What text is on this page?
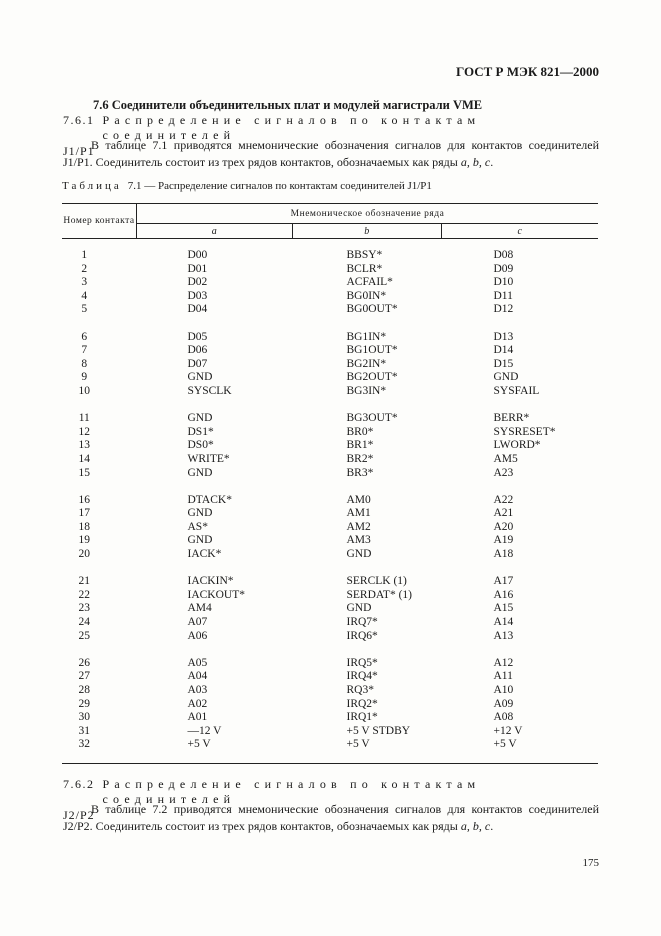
ГОСТ Р МЭК 821—2000
7.6 Соединители объединительных плат и модулей магистрали VME
7.6.1 Распределение сигналов по контактам соединителей
J1/P1
В таблице 7.1 приводятся мнемонические обозначения сигналов для контактов соединителей J1/P1. Соединитель состоит из трех рядов контактов, обозначаемых как ряды a, b, c.
Таблица 7.1 — Распределение сигналов по контактам соединителей J1/P1
Номер контакта	Мнемоническое обозначение ряда		
	a	b	c

1	D00	BBSY*	D08
2	D01	BCLR*	D09
3	D02	ACFAIL*	D10
4	D03	BG0IN*	D11
5	D04	BG0OUT*	D12

6	D05	BG1IN*	D13
7	D06	BG1OUT*	D14
8	D07	BG2IN*	D15
9	GND	BG2OUT*	GND
10	SYSCLK	BG3IN*	SYSFAIL

11	GND	BG3OUT*	BERR*
12	DS1*	BR0*	SYSRESET*
13	DS0*	BR1*	LWORD*
14	WRITE*	BR2*	AM5
15	GND	BR3*	A23

16	DTACK*	AM0	A22
17	GND	AM1	A21
18	AS*	AM2	A20
19	GND	AM3	A19
20	IACK*	GND	A18

21	IACKIN*	SERCLK (1)	A17
22	IACKOUT*	SERDAT* (1)	A16
23	AM4	GND	A15
24	A07	IRQ7*	A14
25	A06	IRQ6*	A13

26	A05	IRQ5*	A12
27	A04	IRQ4*	A11
28	A03	RQ3*	A10
29	A02	IRQ2*	A09
30	A01	IRQ1*	A08
31	—12 V	+5 V STDBY	+12 V
32	+5 V	+5 V	+5 V

7.6.2 Распределение сигналов по контактам соединителей
J2/P2
В таблице 7.2 приводятся мнемонические обозначения сигналов для контактов соединителей J2/P2. Соединитель состоит из трех рядов контактов, обозначаемых как ряды a, b, c.
175
